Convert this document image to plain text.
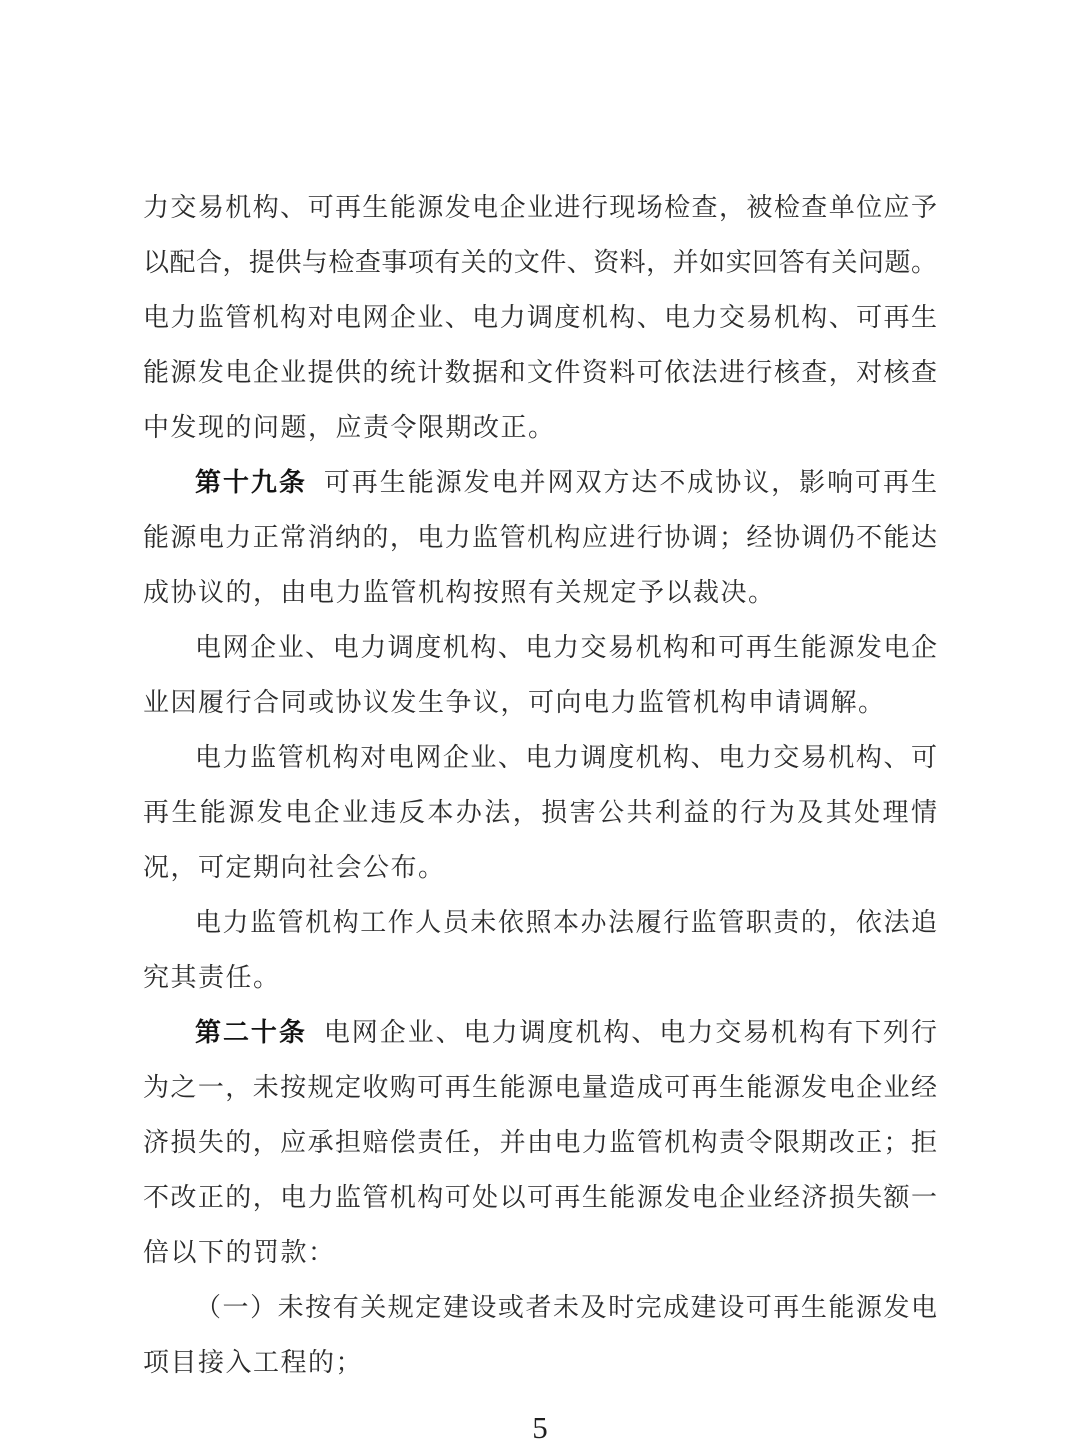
力交易机构、可再生能源发电企业进行现场检查，被检查单位应予
以配合，提供与检查事项有关的文件、资料，并如实回答有关问题。
电力监管机构对电网企业、电力调度机构、电力交易机构、可再生
能源发电企业提供的统计数据和文件资料可依法进行核查，对核查
中发现的问题，应责令限期改正。
第十九条 可再生能源发电并网双方达不成协议，影响可再生
能源电力正常消纳的，电力监管机构应进行协调；经协调仍不能达
成协议的，由电力监管机构按照有关规定予以裁决。
电网企业、电力调度机构、电力交易机构和可再生能源发电企
业因履行合同或协议发生争议，可向电力监管机构申请调解。
电力监管机构对电网企业、电力调度机构、电力交易机构、可
再生能源发电企业违反本办法，损害公共利益的行为及其处理情
况，可定期向社会公布。
电力监管机构工作人员未依照本办法履行监管职责的，依法追
究其责任。
第二十条 电网企业、电力调度机构、电力交易机构有下列行
为之一，未按规定收购可再生能源电量造成可再生能源发电企业经
济损失的，应承担赔偿责任，并由电力监管机构责令限期改正；拒
不改正的，电力监管机构可处以可再生能源发电企业经济损失额一
倍以下的罚款：
（一）未按有关规定建设或者未及时完成建设可再生能源发电
项目接入工程的；
5
